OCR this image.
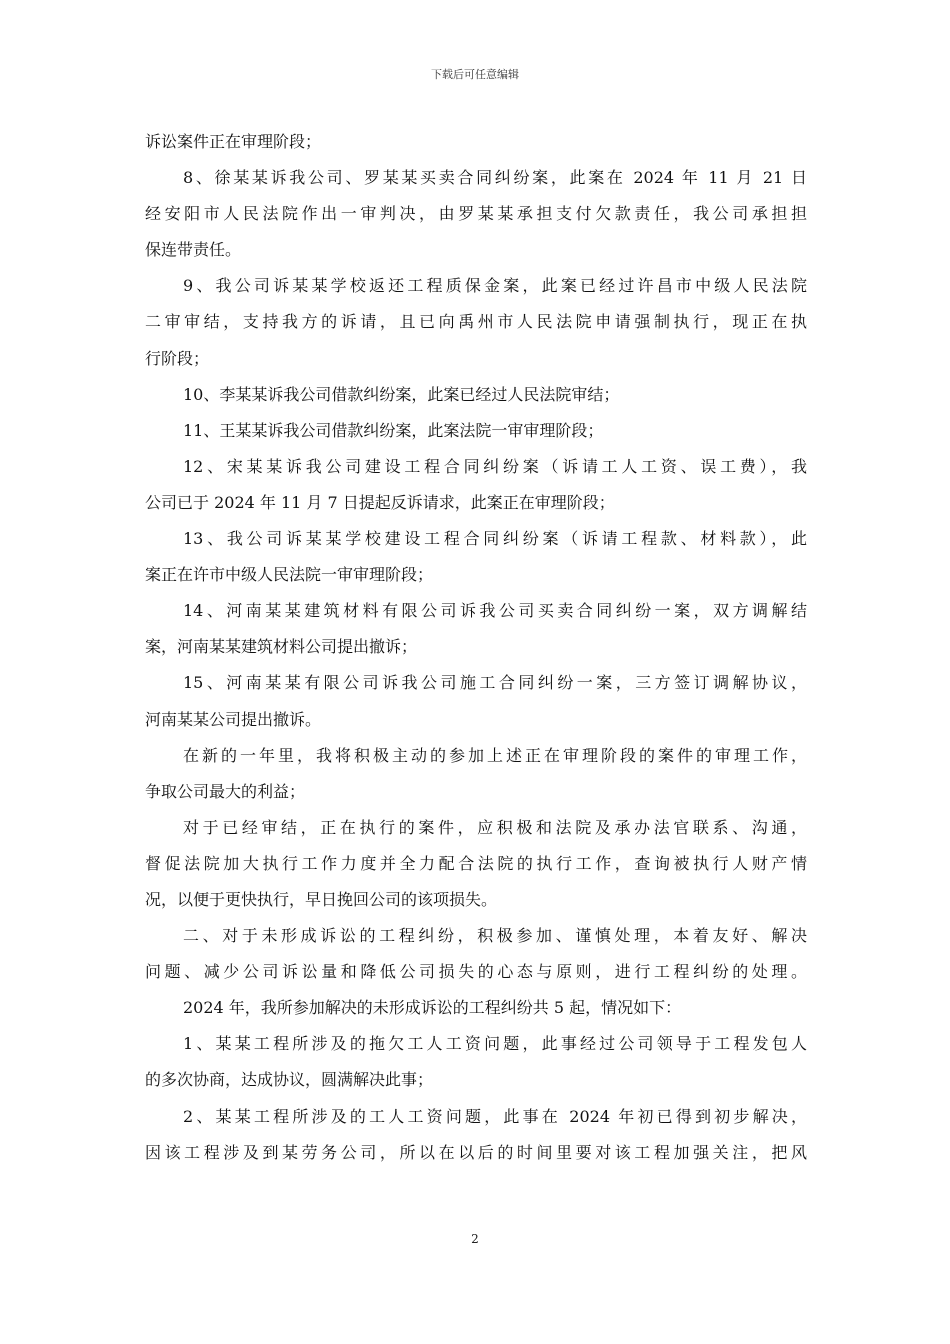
下载后可任意编辑
诉讼案件正在审理阶段；
8、徐某某诉我公司、罗某某买卖合同纠纷案，此案在 2024 年 11 月 21 日
经安阳市人民法院作出一审判决，由罗某某承担支付欠款责任，我公司承担担
保连带责任。
9、我公司诉某某学校返还工程质保金案，此案已经过许昌市中级人民法院
二审审结，支持我方的诉请，且已向禹州市人民法院申请强制执行，现正在执
行阶段；
10、李某某诉我公司借款纠纷案，此案已经过人民法院审结；
11、王某某诉我公司借款纠纷案，此案法院一审审理阶段；
12、宋某某诉我公司建设工程合同纠纷案（诉请工人工资、误工费），我
公司已于 2024 年 11 月 7 日提起反诉请求，此案正在审理阶段；
13、我公司诉某某学校建设工程合同纠纷案（诉请工程款、材料款），此
案正在许市中级人民法院一审审理阶段；
14、河南某某建筑材料有限公司诉我公司买卖合同纠纷一案，双方调解结
案，河南某某建筑材料公司提出撤诉；
15、河南某某有限公司诉我公司施工合同纠纷一案，三方签订调解协议，
河南某某公司提出撤诉。
在新的一年里，我将积极主动的参加上述正在审理阶段的案件的审理工作，
争取公司最大的利益；
对于已经审结，正在执行的案件，应积极和法院及承办法官联系、沟通，
督促法院加大执行工作力度并全力配合法院的执行工作，查询被执行人财产情
况，以便于更快执行，早日挽回公司的该项损失。
二、对于未形成诉讼的工程纠纷，积极参加、谨慎处理，本着友好、解决
问题、减少公司诉讼量和降低公司损失的心态与原则，进行工程纠纷的处理。
2024 年，我所参加解决的未形成诉讼的工程纠纷共 5 起，情况如下：
1、某某工程所涉及的拖欠工人工资问题，此事经过公司领导于工程发包人
的多次协商，达成协议，圆满解决此事；
2、某某工程所涉及的工人工资问题，此事在 2024 年初已得到初步解决，
因该工程涉及到某劳务公司，所以在以后的时间里要对该工程加强关注，把风
2
